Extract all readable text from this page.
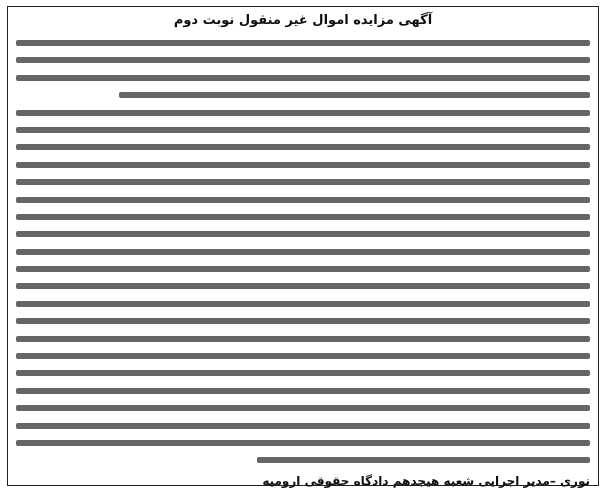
آگهی مزایده اموال غیر منقول نوبت دوم
نوری –مدیر اجرایی شعبه هیجدهم دادگاه حقوقی ارومیه
